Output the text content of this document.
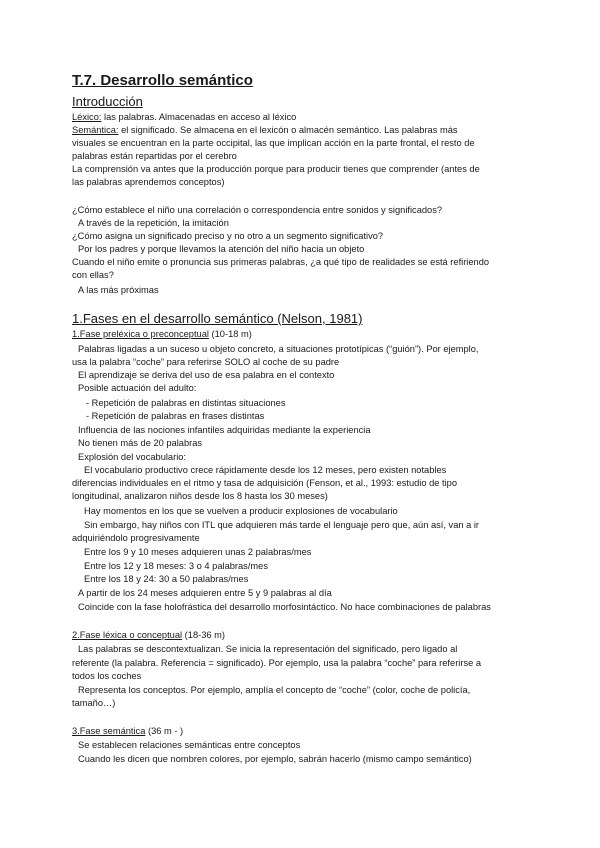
T.7. Desarrollo semántico
Introducción
Léxico: las palabras. Almacenadas en acceso al léxico
Semántica: el significado. Se almacena en el lexicón o almacén semántico. Las palabras más
visuales se encuentran en la parte occipital, las que implican acción en la parte frontal, el resto de
palabras están repartidas por el cerebro
La comprensión va antes que la producción porque para producir tienes que comprender (antes de
las palabras aprendemos conceptos)
¿Cómo establece el niño una correlación o correspondencia entre sonidos y significados?
A través de la repetición, la imitación
¿Cómo asigna un significado preciso y no otro a un segmento significativo?
Por los padres y porque llevamos la atención del niño hacia un objeto
Cuando el niño emite o pronuncia sus primeras palabras, ¿a qué tipo de realidades se está refiriendo
con ellas?
A las más próximas
1.Fases en el desarrollo semántico (Nelson, 1981)
1.Fase preléxica o preconceptual (10-18 m)
Palabras ligadas a un suceso u objeto concreto, a situaciones prototípicas (“guión”). Por ejemplo,
usa la palabra “coche” para referirse SOLO al coche de su padre
El aprendizaje se deriva del uso de esa palabra en el contexto
Posible actuación del adulto:
- Repetición de palabras en distintas situaciones
- Repetición de palabras en frases distintas
Influencia de las nociones infantiles adquiridas mediante la experiencia
No tienen más de 20 palabras
Explosión del vocabulario:
El vocabulario productivo crece rápidamente desde los 12 meses, pero existen notables
diferencias individuales en el ritmo y tasa de adquisición (Fenson, et al., 1993: estudio de tipo
longitudinal, analizaron niños desde los 8 hasta los 30 meses)
Hay momentos en los que se vuelven a producir explosiones de vocabulario
Sin embargo, hay niños con ITL que adquieren más tarde el lenguaje pero que, aún así, van a ir
adquiriéndolo progresivamente
Entre los 9 y 10 meses adquieren unas 2 palabras/mes
Entre los 12 y 18 meses: 3 o 4 palabras/mes
Entre los 18 y 24: 30 a 50 palabras/mes
A partir de los 24 meses adquieren entre 5 y 9 palabras al día
Coincide con la fase holofrástica del desarrollo morfosintáctico. No hace combinaciones de palabras
2.Fase léxica o conceptual (18-36 m)
Las palabras se descontextualizan. Se inicia la representación del significado, pero ligado al
referente (la palabra. Referencia = significado). Por ejemplo, usa la palabra “coche” para referirse a
todos los coches
Representa los conceptos. Por ejemplo, amplía el concepto de “coche” (color, coche de policía,
tamaño…)
3.Fase semántica (36 m - )
Se establecen relaciones semánticas entre conceptos
Cuando les dicen que nombren colores, por ejemplo, sabrán hacerlo (mismo campo semántico)
